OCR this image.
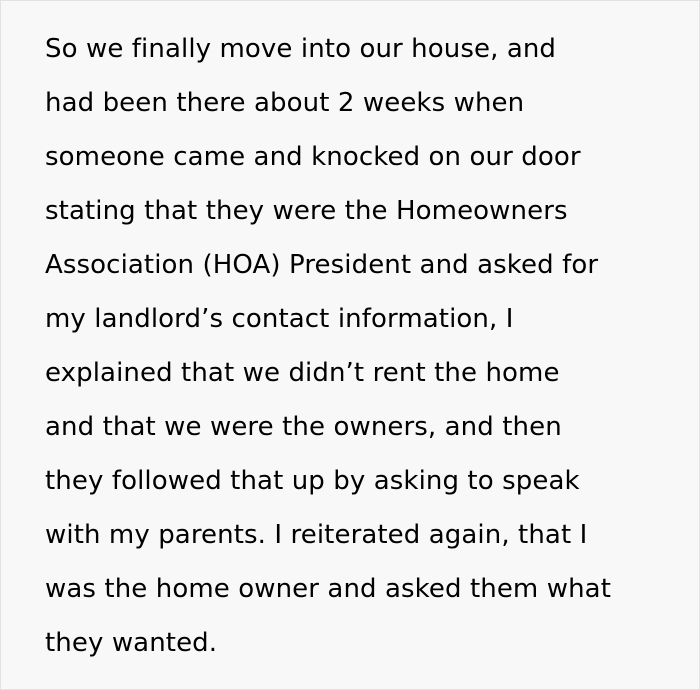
So we finally move into our house, and
had been there about 2 weeks when
someone came and knocked on our door
stating that they were the Homeowners
Association (HOA) President and asked for
my landlord’s contact information, I
explained that we didn’t rent the home
and that we were the owners, and then
they followed that up by asking to speak
with my parents. I reiterated again, that I
was the home owner and asked them what
they wanted.
